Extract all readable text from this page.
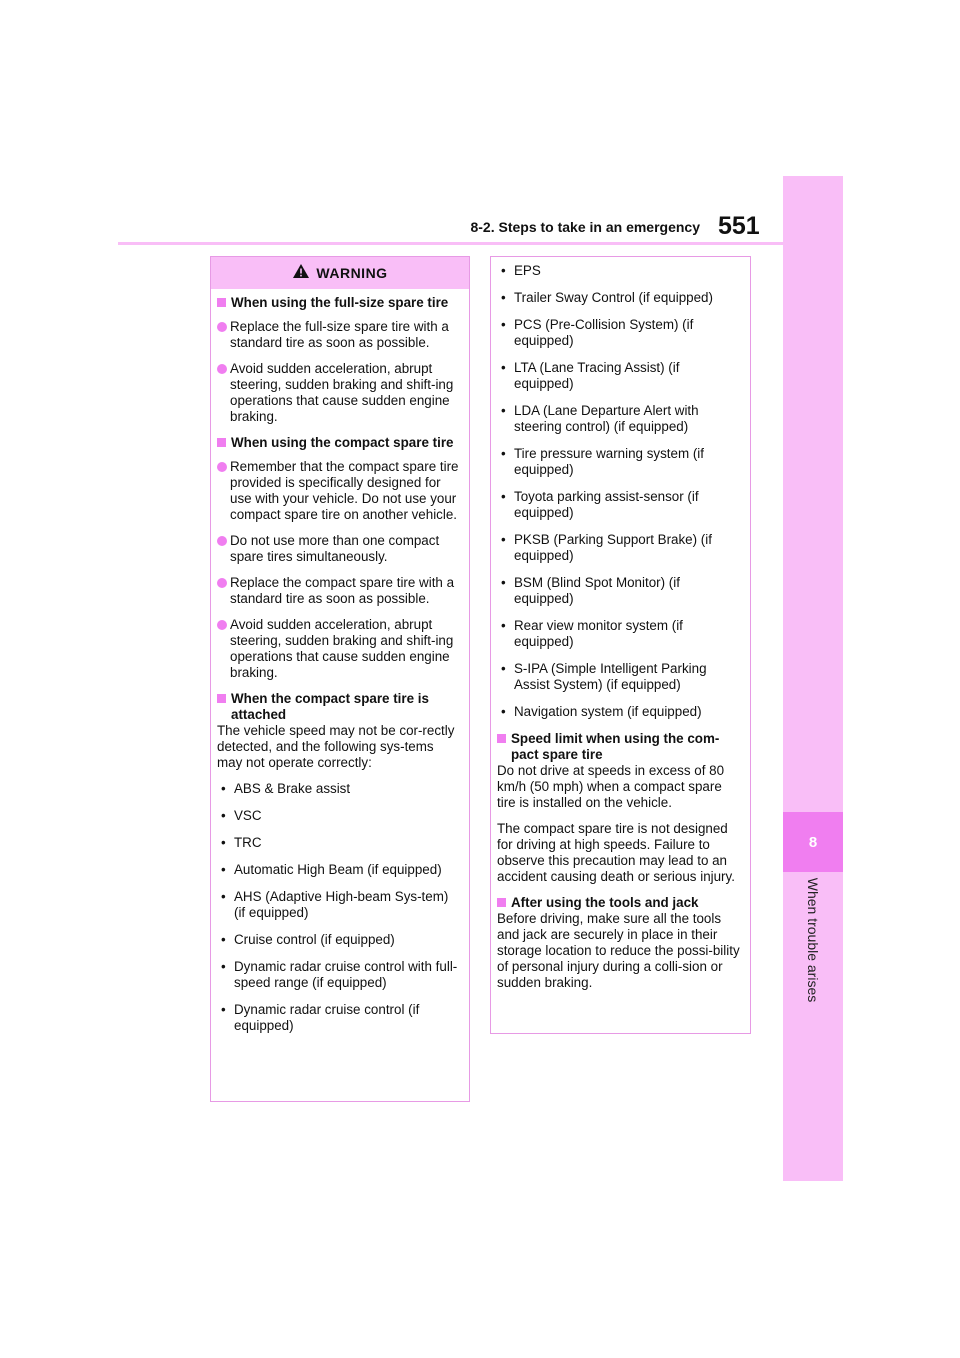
8-2. Steps to take in an emergency 551
8
When trouble arises
WARNING
When using the full-size spare tire
Replace the full-size spare tire with a standard tire as soon as possible.
Avoid sudden acceleration, abrupt steering, sudden braking and shift-ing operations that cause sudden engine braking.
When using the compact spare tire
Remember that the compact spare tire provided is specifically designed for use with your vehicle. Do not use your compact spare tire on another vehicle.
Do not use more than one compact spare tires simultaneously.
Replace the compact spare tire with a standard tire as soon as possible.
Avoid sudden acceleration, abrupt steering, sudden braking and shift-ing operations that cause sudden engine braking.
When the compact spare tire is attached
The vehicle speed may not be cor-rectly detected, and the following sys-tems may not operate correctly:
• ABS & Brake assist
• VSC
• TRC
• Automatic High Beam (if equipped)
• AHS (Adaptive High-beam Sys-tem) (if equipped)
• Cruise control (if equipped)
• Dynamic radar cruise control with full-speed range (if equipped)
• Dynamic radar cruise control (if equipped)
• EPS
• Trailer Sway Control (if equipped)
• PCS (Pre-Collision System) (if equipped)
• LTA (Lane Tracing Assist) (if equipped)
• LDA (Lane Departure Alert with steering control) (if equipped)
• Tire pressure warning system (if equipped)
• Toyota parking assist-sensor (if equipped)
• PKSB (Parking Support Brake) (if equipped)
• BSM (Blind Spot Monitor) (if equipped)
• Rear view monitor system (if equipped)
• S-IPA (Simple Intelligent Parking Assist System) (if equipped)
• Navigation system (if equipped)
Speed limit when using the com-pact spare tire
Do not drive at speeds in excess of 80 km/h (50 mph) when a compact spare tire is installed on the vehicle.
The compact spare tire is not designed for driving at high speeds. Failure to observe this precaution may lead to an accident causing death or serious injury.
After using the tools and jack
Before driving, make sure all the tools and jack are securely in place in their storage location to reduce the possi-bility of personal injury during a colli-sion or sudden braking.
